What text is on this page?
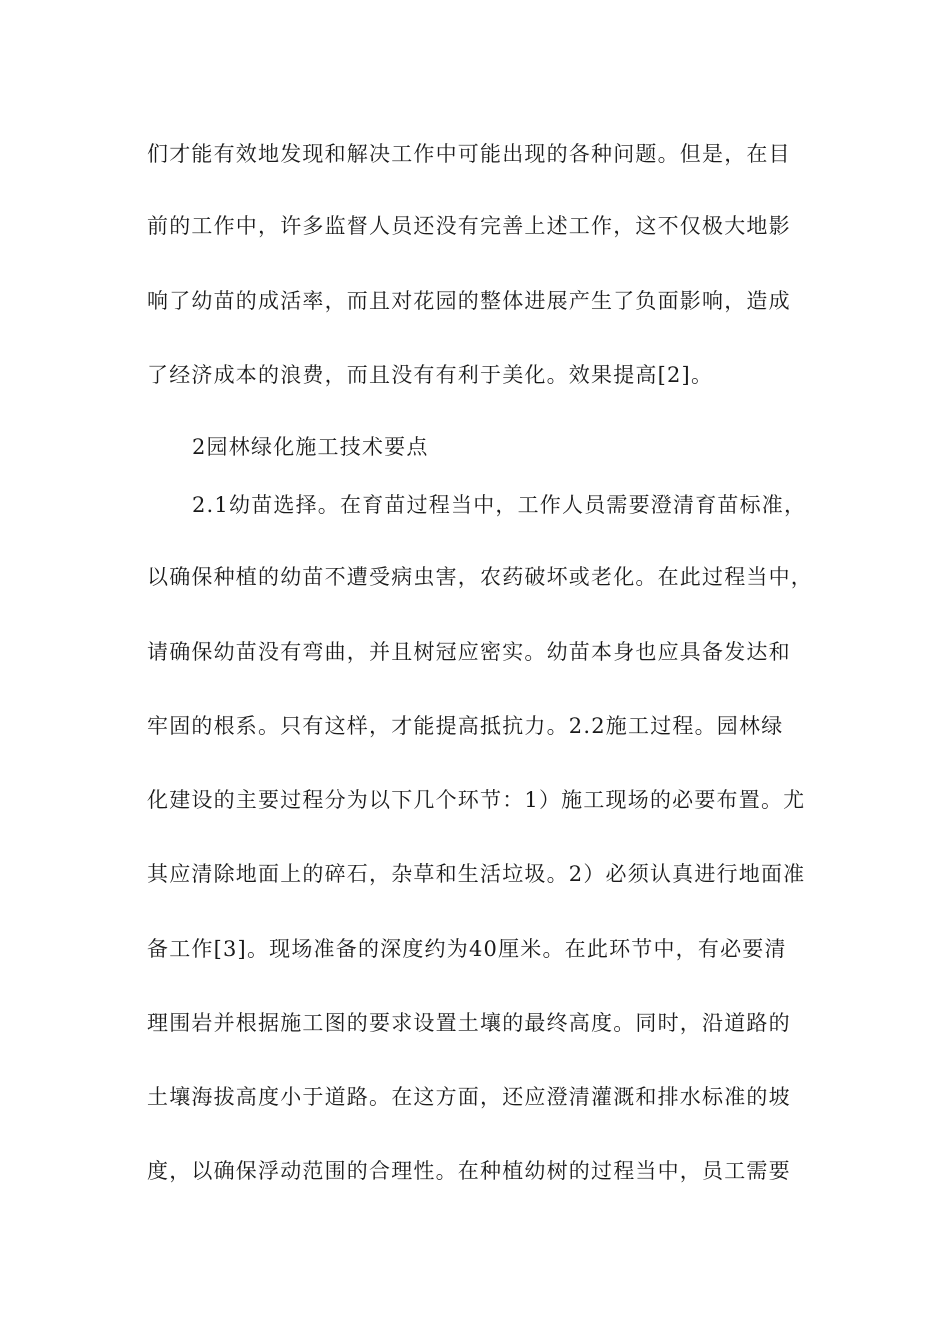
们才能有效地发现和解决工作中可能出现的各种问题。但是，在目
前的工作中，许多监督人员还没有完善上述工作，这不仅极大地影
响了幼苗的成活率，而且对花园的整体进展产生了负面影响，造成
了经济成本的浪费，而且没有有利于美化。效果提高[2]。
2园林绿化施工技术要点
2.1幼苗选择。在育苗过程当中，工作人员需要澄清育苗标准，
以确保种植的幼苗不遭受病虫害，农药破坏或老化。在此过程当中，
请确保幼苗没有弯曲，并且树冠应密实。幼苗本身也应具备发达和
牢固的根系。只有这样，才能提高抵抗力。2.2施工过程。园林绿
化建设的主要过程分为以下几个环节：1）施工现场的必要布置。尤
其应清除地面上的碎石，杂草和生活垃圾。2）必须认真进行地面准
备工作[3]。现场准备的深度约为40厘米。在此环节中，有必要清
理围岩并根据施工图的要求设置土壤的最终高度。同时，沿道路的
土壤海拔高度小于道路。在这方面，还应澄清灌溉和排水标准的坡
度，以确保浮动范围的合理性。在种植幼树的过程当中，员工需要
